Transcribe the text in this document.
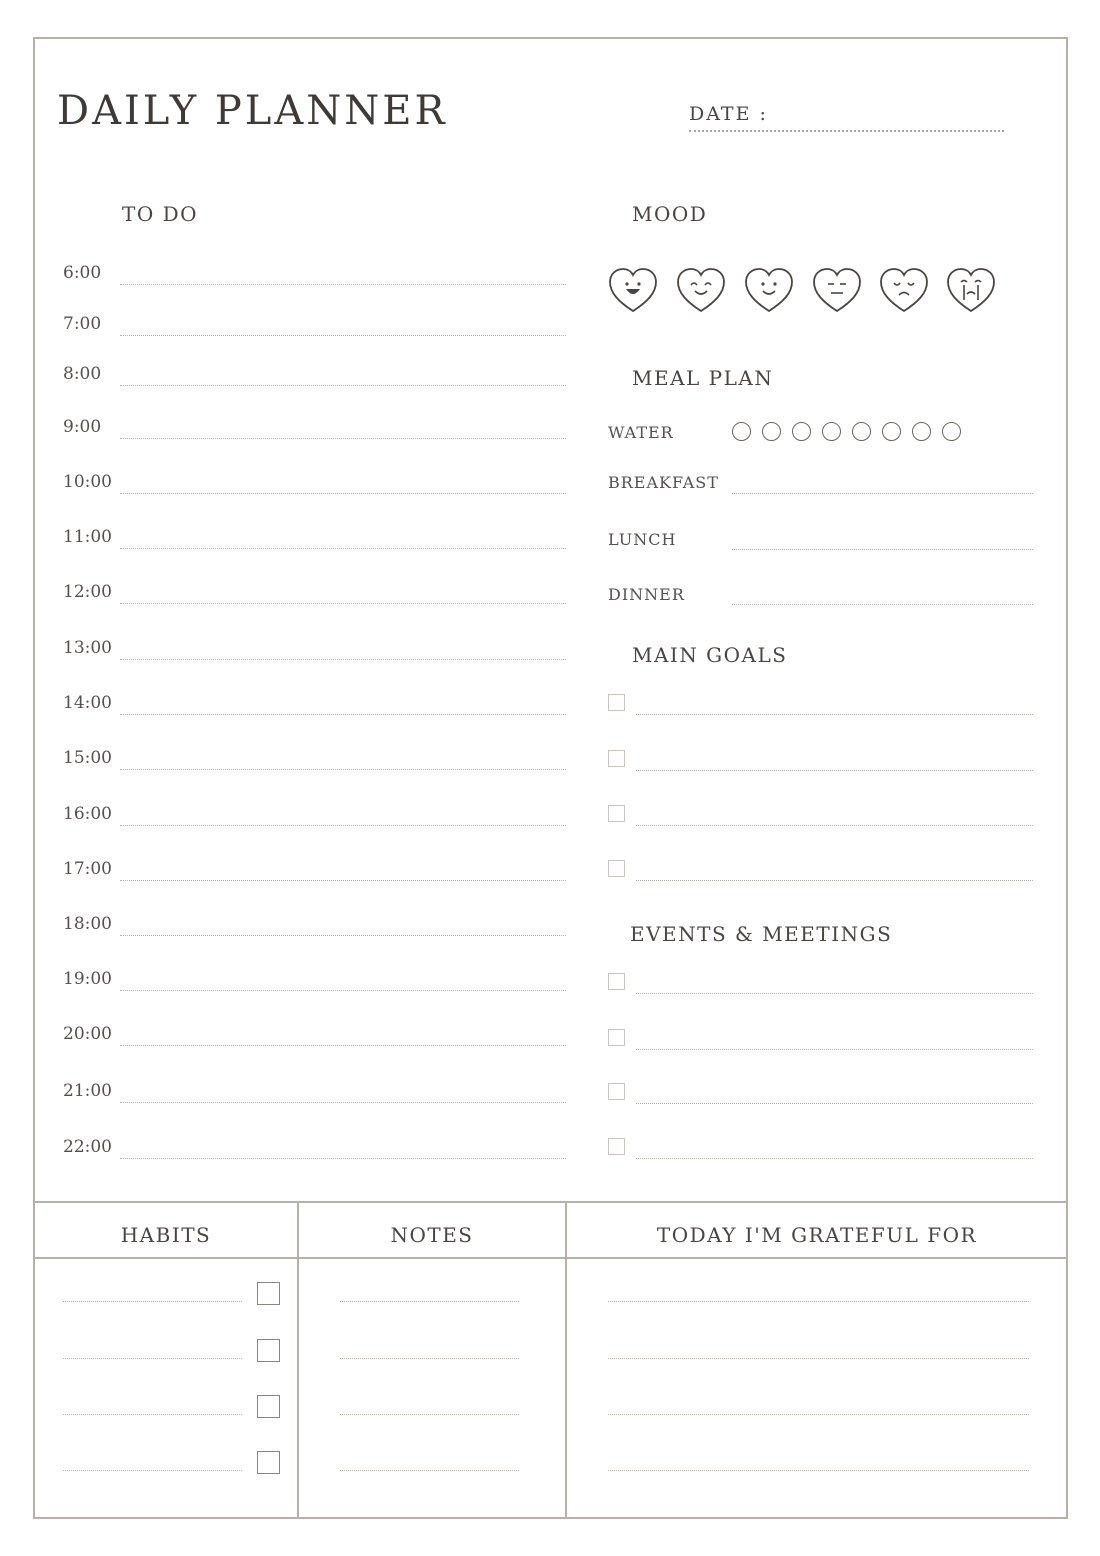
DAILY PLANNER	DATE :
TO DO
6:00
7:00
8:00
9:00
10:00
11:00
12:00
13:00
14:00
15:00
16:00
17:00
18:00
19:00
20:00
21:00
22:00
MOOD
MEAL PLAN
WATER
BREAKFAST
LUNCH
DINNER
MAIN GOALS
EVENTS & MEETINGS
HABITS	NOTES	TODAY I'M GRATEFUL FOR
